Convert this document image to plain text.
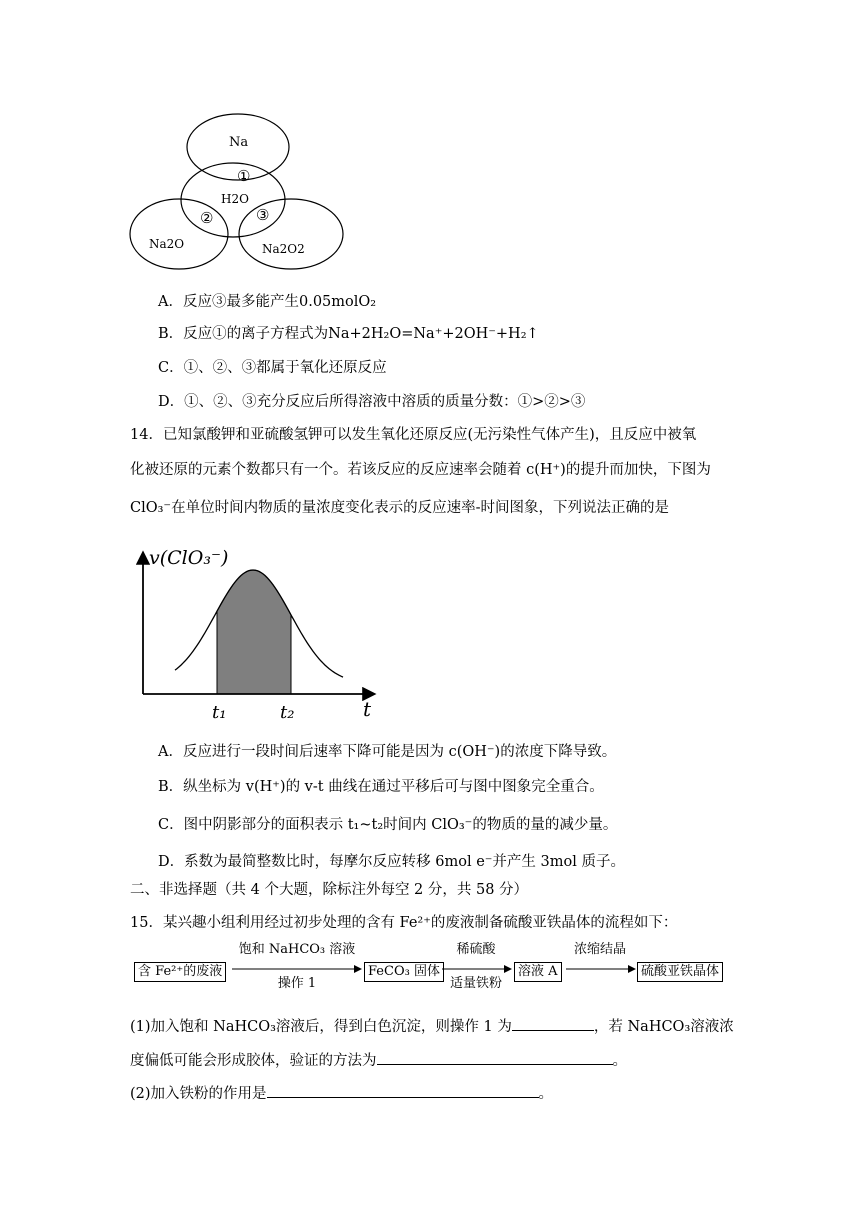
Na
H2O
Na2O	Na2O2
①
②	③
A．反应③最多能产生0.05molO₂
B．反应①的离子方程式为Na+2H₂O=Na⁺+2OH⁻+H₂↑
C．①、②、③都属于氧化还原反应
D．①、②、③充分反应后所得溶液中溶质的质量分数：①>②>③
14．已知氯酸钾和亚硫酸氢钾可以发生氧化还原反应(无污染性气体产生)，且反应中被氧
化被还原的元素个数都只有一个。若该反应的反应速率会随着 c(H⁺)的提升而加快，下图为
ClO₃⁻在单位时间内物质的量浓度变化表示的反应速率-时间图象，下列说法正确的是
v(ClO₃⁻)
t
t₁	t₂
A．反应进行一段时间后速率下降可能是因为 c(OH⁻)的浓度下降导致。
B．纵坐标为 v(H⁺)的 v-t 曲线在通过平移后可与图中图象完全重合。
C．图中阴影部分的面积表示 t₁~t₂时间内 ClO₃⁻的物质的量的减少量。
D．系数为最简整数比时，每摩尔反应转移 6mol e⁻并产生 3mol 质子。
二、非选择题（共 4 个大题，除标注外每空 2 分，共 58 分）
15．某兴趣小组利用经过初步处理的含有 Fe²⁺的废液制备硫酸亚铁晶体的流程如下：
含 Fe²⁺的废液
饱和 NaHCO₃ 溶液
操作 1
FeCO₃ 固体
稀硫酸
适量铁粉
溶液 A
浓缩结晶
硫酸亚铁晶体
(1)加入饱和 NaHCO₃溶液后，得到白色沉淀，则操作 1 为	，若 NaHCO₃溶液浓
度偏低可能会形成胶体，验证的方法为	。
(2)加入铁粉的作用是	。
